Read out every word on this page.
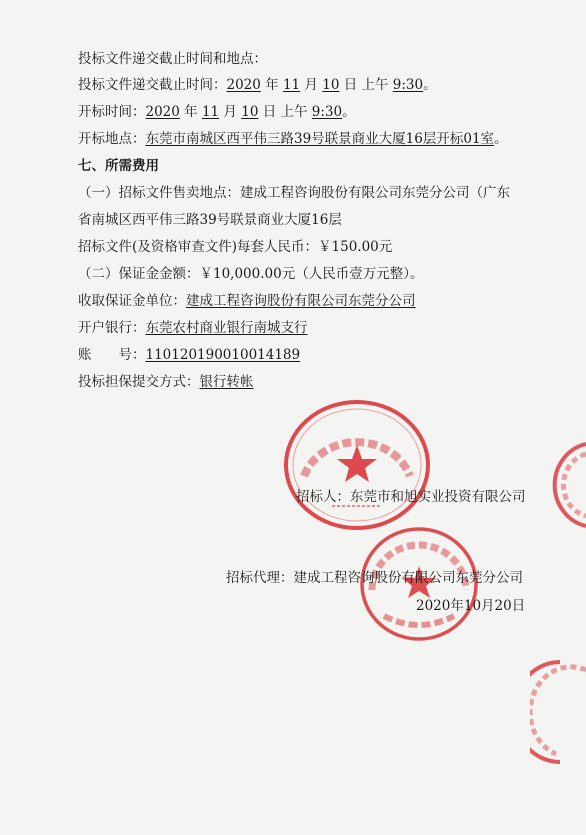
投标文件递交截止时间和地点：
投标文件递交截止时间：2020 年 11 月 10 日 上午 9:30。
开标时间：2020 年 11 月 10 日 上午 9:30。
开标地点：东莞市南城区西平伟三路39号联景商业大厦16层开标01室。
七、所需费用
（一）招标文件售卖地点：建成工程咨询股份有限公司东莞分公司（广东
省南城区西平伟三路39号联景商业大厦16层
招标文件(及资格审查文件)每套人民币：￥150.00元
（二）保证金金额：￥10,000.00元（人民币壹万元整）。
收取保证金单位：建成工程咨询股份有限公司东莞分公司
开户银行：东莞农村商业银行南城支行
账　　号：110120190010014189
投标担保提交方式：银行转帐
招标人：东莞市和旭实业投资有限公司
招标代理：建成工程咨询股份有限公司东莞分公司
2020年10月20日
